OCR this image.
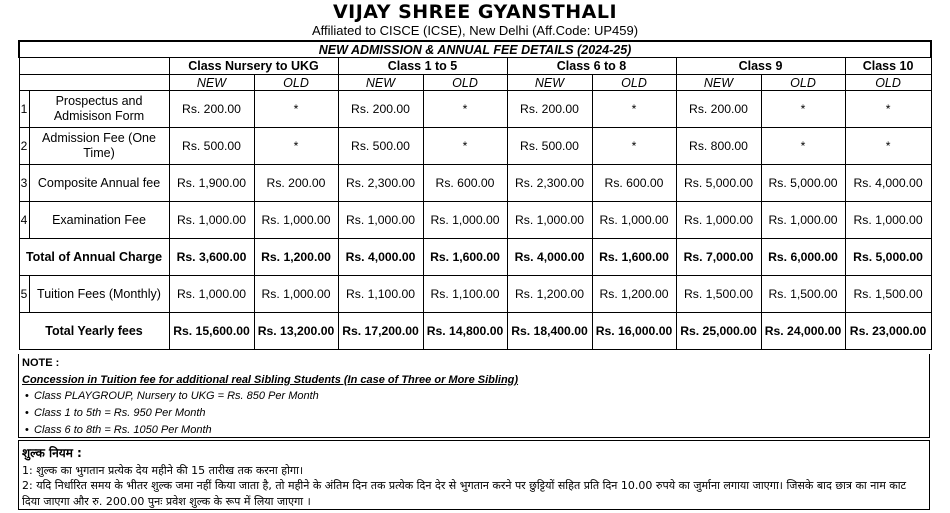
VIJAY SHREE GYANSTHALI
Affiliated to CISCE (ICSE), New Delhi (Aff.Code: UP459)
NEW ADMISSION & ANNUAL FEE DETAILS (2024-25)										
		Class Nursery to UKG		Class 1 to 5		Class 6 to 8		Class 9		Class 10
		NEW	OLD	NEW	OLD	NEW	OLD	NEW	OLD	OLD
1	Prospectus and Admisison Form	Rs. 200.00	*	Rs. 200.00	*	Rs. 200.00	*	Rs. 200.00	*	*
2	Admission Fee (One Time)	Rs. 500.00	*	Rs. 500.00	*	Rs. 500.00	*	Rs. 800.00	*	*
3	Composite Annual fee	Rs. 1,900.00	Rs. 200.00	Rs. 2,300.00	Rs. 600.00	Rs. 2,300.00	Rs. 600.00	Rs. 5,000.00	Rs. 5,000.00	Rs. 4,000.00
4	Examination Fee	Rs. 1,000.00	Rs. 1,000.00	Rs. 1,000.00	Rs. 1,000.00	Rs. 1,000.00	Rs. 1,000.00	Rs. 1,000.00	Rs. 1,000.00	Rs. 1,000.00
Total of Annual Charge		Rs. 3,600.00	Rs. 1,200.00	Rs. 4,000.00	Rs. 1,600.00	Rs. 4,000.00	Rs. 1,600.00	Rs. 7,000.00	Rs. 6,000.00	Rs. 5,000.00
5	Tuition Fees (Monthly)	Rs. 1,000.00	Rs. 1,000.00	Rs. 1,100.00	Rs. 1,100.00	Rs. 1,200.00	Rs. 1,200.00	Rs. 1,500.00	Rs. 1,500.00	Rs. 1,500.00
Total Yearly fees		Rs. 15,600.00	Rs. 13,200.00	Rs. 17,200.00	Rs. 14,800.00	Rs. 18,400.00	Rs. 16,000.00	Rs. 25,000.00	Rs. 24,000.00	Rs. 23,000.00
NOTE :
Concession in Tuition fee for additional real Sibling Students (In case of Three or More Sibling)
• Class PLAYGROUP, Nursery to UKG = Rs. 850 Per Month
• Class 1 to 5th = Rs. 950 Per Month
• Class 6 to 8th = Rs. 1050 Per Month
शुल्क नियम :
1: शुल्क का भुगतान प्रत्येक देय महीने की 15 तारीख तक करना होगा।
2: यदि निर्धारित समय के भीतर शुल्क जमा नहीं किया जाता है, तो महीने के अंतिम दिन तक प्रत्येक दिन देर से भुगतान करने पर छुट्टियों सहित प्रति दिन 10.00 रुपये का जुर्माना लगाया जाएगा। जिसके बाद छात्र का नाम काट दिया जाएगा और रु. 200.00 पुनः प्रवेश शुल्क के रूप में लिया जाएगा ।
